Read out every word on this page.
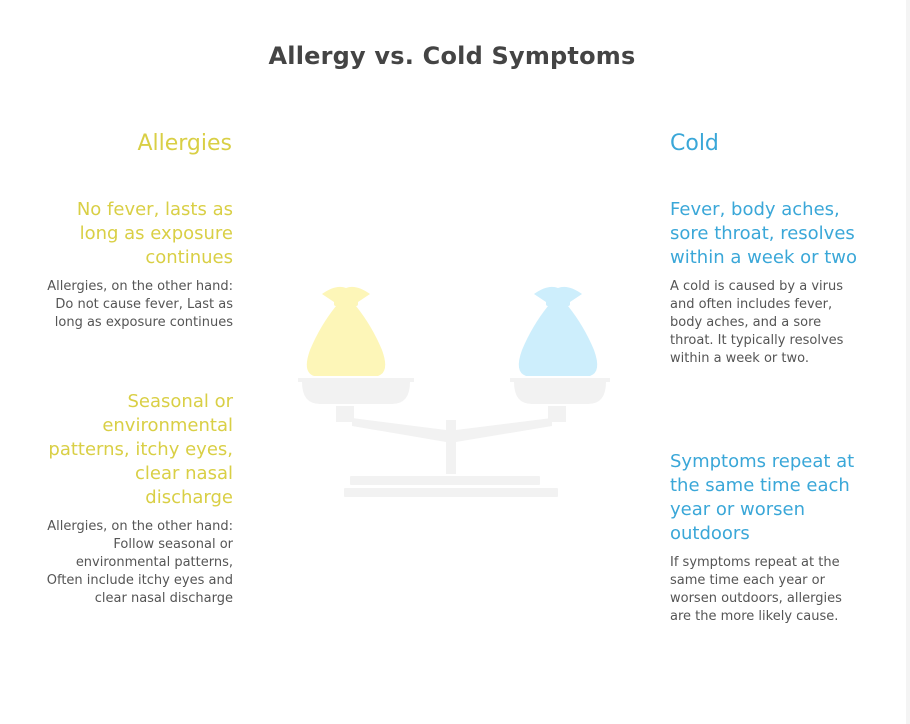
Allergy vs. Cold Symptoms
Allergies
No fever, lasts as long as exposure continues

Allergies, on the other hand: Do not cause fever, Last as long as exposure continues

Seasonal or environmental patterns, itchy eyes, clear nasal discharge

Allergies, on the other hand: Follow seasonal or environmental patterns, Often include itchy eyes and clear nasal discharge

Cold
Fever, body aches, sore throat, resolves within a week or two

A cold is caused by a virus and often includes fever, body aches, and a sore throat. It typically resolves within a week or two.

Symptoms repeat at the same time each year or worsen outdoors

If symptoms repeat at the same time each year or worsen outdoors, allergies are the more likely cause.
